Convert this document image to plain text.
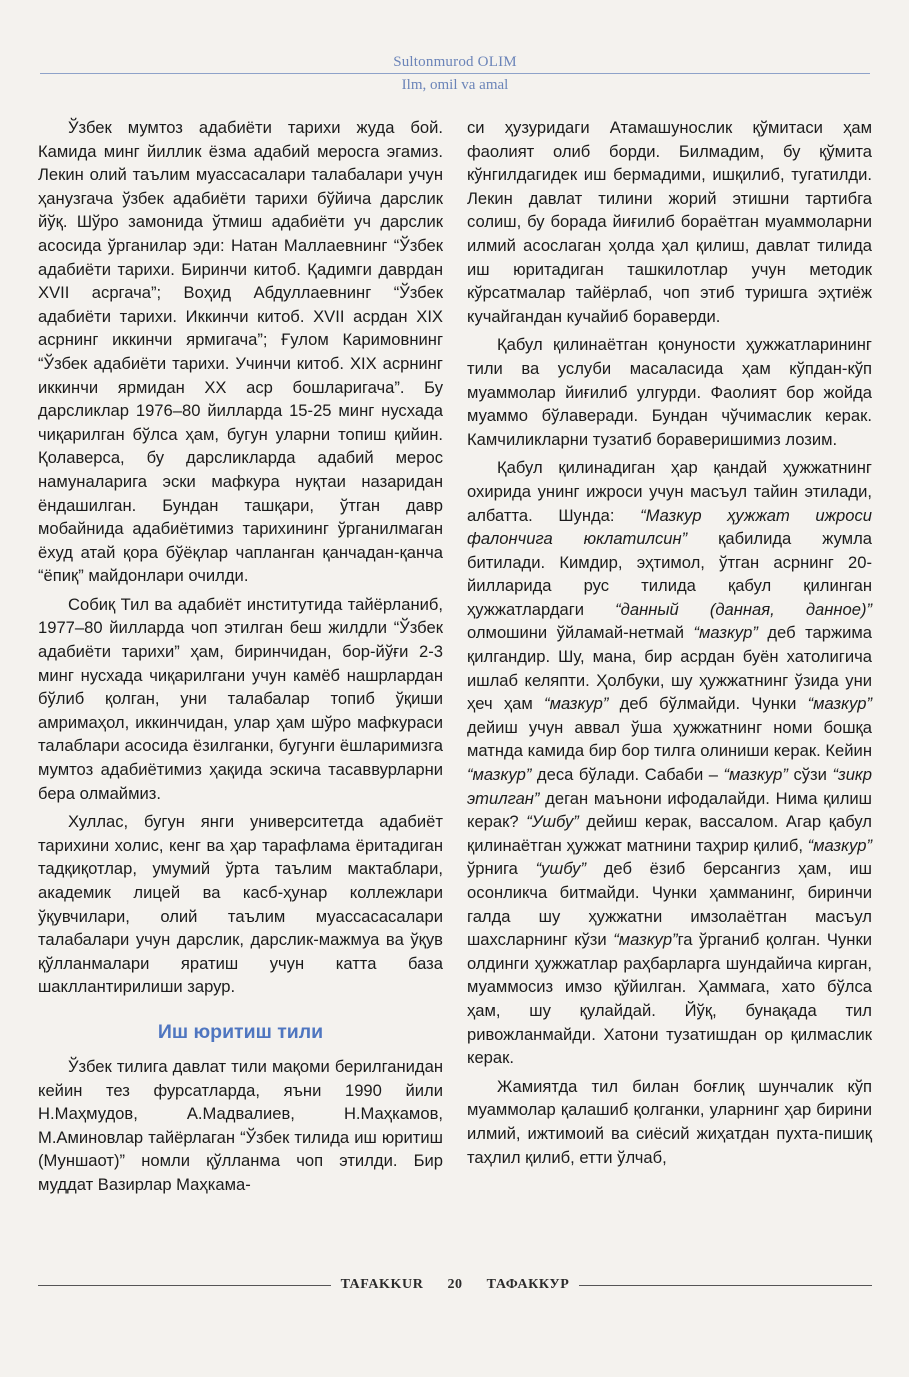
Sultonmurod OLIM
Ilm, omil va amal

Ўзбек мумтоз адабиёти тарихи жуда бой. Камида минг йиллик ёзма адабий меросга эгамиз. Лекин олий таълим муассасалари талабалари учун ҳанузгача ўзбек адабиёти тарихи бўйича дарслик йўқ. Шўро замонида ўтмиш адабиёти уч дарслик асосида ўрганилар эди: Натан Маллаевнинг “Ўзбек адабиёти тарихи. Биринчи китоб. Қадимги даврдан XVII асргача”; Воҳид Абдуллаевнинг “Ўзбек адабиёти тарихи. Иккинчи китоб. XVII асрдан XIX асрнинг иккинчи ярмигача”; Ғулом Каримовнинг “Ўзбек адабиёти тарихи. Учинчи китоб. XIX асрнинг иккинчи ярмидан XX аср бошларигача”. Бу дарсликлар 1976–80 йилларда 15-25 минг нусхада чиқарилган бўлса ҳам, бугун уларни топиш қийин. Қолаверса, бу дарсликларда адабий мерос намуналарига эски мафкура нуқтаи назаридан ёндашилган. Бундан ташқари, ўтган давр мобайнида адабиётимиз тарихининг ўрганилмаган ёхуд атай қора бўёқлар чапланган қанчадан-қанча “ёпиқ” майдонлари очилди.

Собиқ Тил ва адабиёт институтида тайёрланиб, 1977–80 йилларда чоп этилган беш жилдли “Ўзбек адабиёти тарихи” ҳам, биринчидан, бор-йўғи 2-3 минг нусхада чиқарилгани учун камёб нашрлардан бўлиб қолган, уни талабалар топиб ўқиши амримаҳол, иккинчидан, улар ҳам шўро мафкураси талаблари асосида ёзилганки, бугунги ёшларимизга мумтоз адабиётимиз ҳақида эскича тасаввурларни бера олмаймиз.

Хуллас, бугун янги университетда адабиёт тарихини холис, кенг ва ҳар тарафлама ёритадиган тадқиқотлар, умумий ўрта таълим мактаблари, академик лицей ва касб-ҳунар коллежлари ўқувчилари, олий таълим муассасасалари талабалари учун дарслик, дарслик-мажмуа ва ўқув қўлланмалари яратиш учун катта база шакллантирилиши зарур.

Иш юритиш тили

Ўзбек тилига давлат тили мақоми берилганидан кейин тез фурсатларда, яъни 1990 йили Н.Маҳмудов, А.Мадвалиев, Н.Маҳкамов, М.Аминовлар тайёрлаган “Ўзбек тилида иш юритиш (Муншаот)” номли қўлланма чоп этилди. Бир муддат Вазирлар Маҳкама-

си ҳузуридаги Атамашунослик қўмитаси ҳам фаолият олиб борди. Билмадим, бу қўмита кўнгилдагидек иш бермадими, ишқилиб, тугатилди. Лекин давлат тилини жорий этишни тартибга солиш, бу борада йиғилиб бораётган муаммоларни илмий асослаган ҳолда ҳал қилиш, давлат тилида иш юритадиган ташкилотлар учун методик кўрсатмалар тайёрлаб, чоп этиб туришга эҳтиёж кучайгандан кучайиб бораверди.

Қабул қилинаётган қонуности ҳужжатларининг тили ва услуби масаласида ҳам кўпдан-кўп муаммолар йиғилиб улгурди. Фаолият бор жойда муаммо бўлаверади. Бундан чўчимаслик керак. Камчиликларни тузатиб бораверишимиз лозим.

Қабул қилинадиган ҳар қандай ҳужжатнинг охирида унинг ижроси учун масъул тайин этилади, албатта. Шунда: “Мазкур ҳужжат ижроси фалончига юклатилсин” қабилида жумла битилади. Кимдир, эҳтимол, ўтган асрнинг 20-йилларида рус тилида қабул қилинган ҳужжатлардаги “данный (данная, данное)” олмошини ўйламай-нетмай “мазкур” деб таржима қилгандир. Шу, мана, бир асрдан буён хатолигича ишлаб келяпти. Ҳолбуки, шу ҳужжатнинг ўзида уни ҳеч ҳам “мазкур” деб бўлмайди. Чунки “мазкур” дейиш учун аввал ўша ҳужжатнинг номи бошқа матнда камида бир бор тилга олиниши керак. Кейин “мазкур” деса бўлади. Сабаби – “мазкур” сўзи “зикр этилган” деган маънони ифодалайди. Нима қилиш керак? “Ушбу” дейиш керак, вассалом. Агар қабул қилинаётган ҳужжат матнини таҳрир қилиб, “мазкур” ўрнига “ушбу” деб ёзиб берсангиз ҳам, иш осонликча битмайди. Чунки ҳамманинг, биринчи галда шу ҳужжатни имзолаётган масъул шахсларнинг кўзи “мазкур”га ўрганиб қолган. Чунки олдинги ҳужжатлар раҳбарларга шундайича кирган, муаммосиз имзо қўйилган. Ҳаммага, хато бўлса ҳам, шу қулайдай. Йўқ, бунақада тил ривожланмайди. Хатони тузатишдан ор қилмаслик керак.

Жамиятда тил билан боғлиқ шунчалик кўп муаммолар қалашиб қолганки, уларнинг ҳар бирини илмий, ижтимоий ва сиёсий жиҳатдан пухта-пишиқ таҳлил қилиб, етти ўлчаб,

TAFAKKUR	20	ТАФАККУР
